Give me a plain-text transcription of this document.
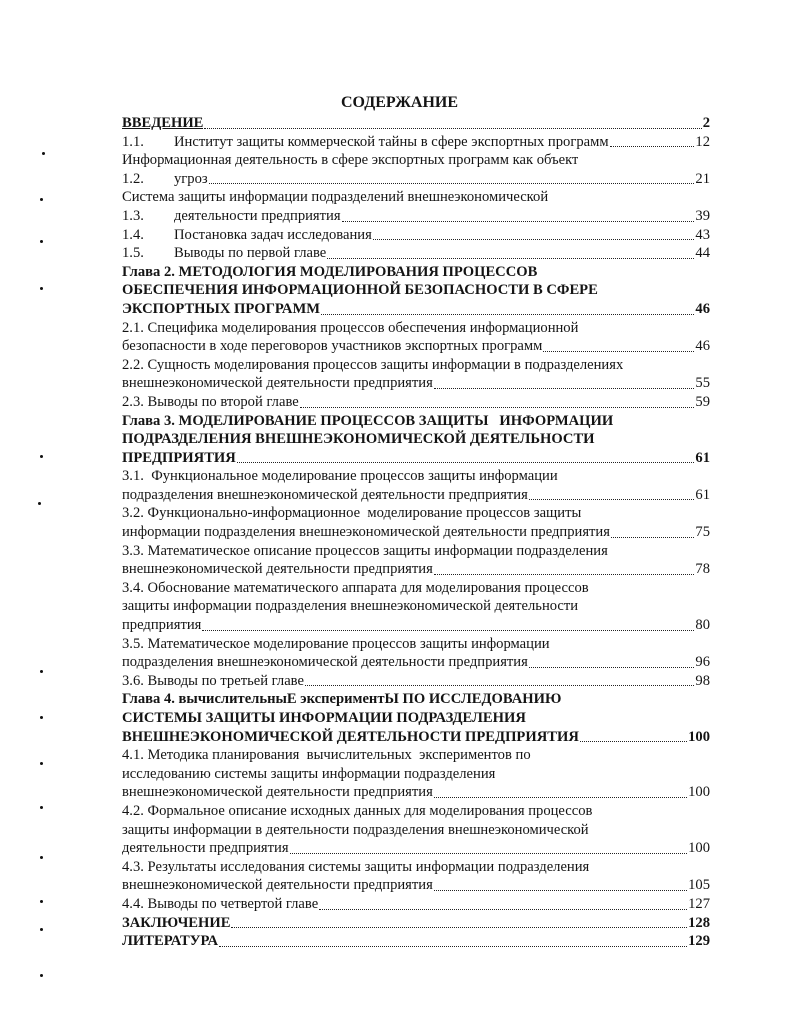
СОДЕРЖАНИЕ
ВВЕДЕНИЕ	2
1.1.	Институт защиты коммерческой тайны в сфере экспортных программ	12
Информационная деятельность в сфере экспортных программ как объект
1.2.	угроз	21
Система защиты информации подразделений внешнеэкономической
1.3.	деятельности предприятия	39
1.4.	Постановка задач исследования	43
1.5.	Выводы по первой главе	44
Глава 2. МЕТОДОЛОГИЯ МОДЕЛИРОВАНИЯ ПРОЦЕССОВ
ОБЕСПЕЧЕНИЯ ИНФОРМАЦИОННОЙ БЕЗОПАСНОСТИ В СФЕРЕ
ЭКСПОРТНЫХ ПРОГРАММ	46
2.1. Специфика моделирования процессов обеспечения информационной
безопасности в ходе переговоров участников экспортных программ	46
2.2. Сущность моделирования процессов защиты информации в подразделениях
внешнеэкономической деятельности предприятия	55
2.3. Выводы по второй главе	59
Глава 3. МОДЕЛИРОВАНИЕ ПРОЦЕССОВ ЗАЩИТЫ   ИНФОРМАЦИИ
ПОДРАЗДЕЛЕНИЯ ВНЕШНЕЭКОНОМИЧЕСКОЙ ДЕЯТЕЛЬНОСТИ
ПРЕДПРИЯТИЯ	61
3.1.  Функциональное моделирование процессов защиты информации
подразделения внешнеэкономической деятельности предприятия	61
3.2. Функционально-информационное  моделирование процессов защиты
информации подразделения внешнеэкономической деятельности предприятия	75
3.3. Математическое описание процессов защиты информации подразделения
внешнеэкономической деятельности предприятия	78
3.4. Обоснование математического аппарата для моделирования процессов
защиты информации подразделения внешнеэкономической деятельности
предприятия	80
3.5. Математическое моделирование процессов защиты информации
подразделения внешнеэкономической деятельности предприятия	96
3.6. Выводы по третьей главе	98
Глава 4. вычислительныЕ экспериментЫ ПО ИССЛЕДОВАНИЮ
СИСТЕМЫ ЗАЩИТЫ ИНФОРМАЦИИ ПОДРАЗДЕЛЕНИЯ
ВНЕШНЕЭКОНОМИЧЕСКОЙ ДЕЯТЕЛЬНОСТИ ПРЕДПРИЯТИЯ	100
4.1. Методика планирования  вычислительных  экспериментов по
исследованию системы защиты информации подразделения
внешнеэкономической деятельности предприятия	100
4.2. Формальное описание исходных данных для моделирования процессов
защиты информации в деятельности подразделения внешнеэкономической
деятельности предприятия	100
4.3. Результаты исследования системы защиты информации подразделения
внешнеэкономической деятельности предприятия	105
4.4. Выводы по четвертой главе	127
ЗАКЛЮЧЕНИЕ	128
ЛИТЕРАТУРА	129
